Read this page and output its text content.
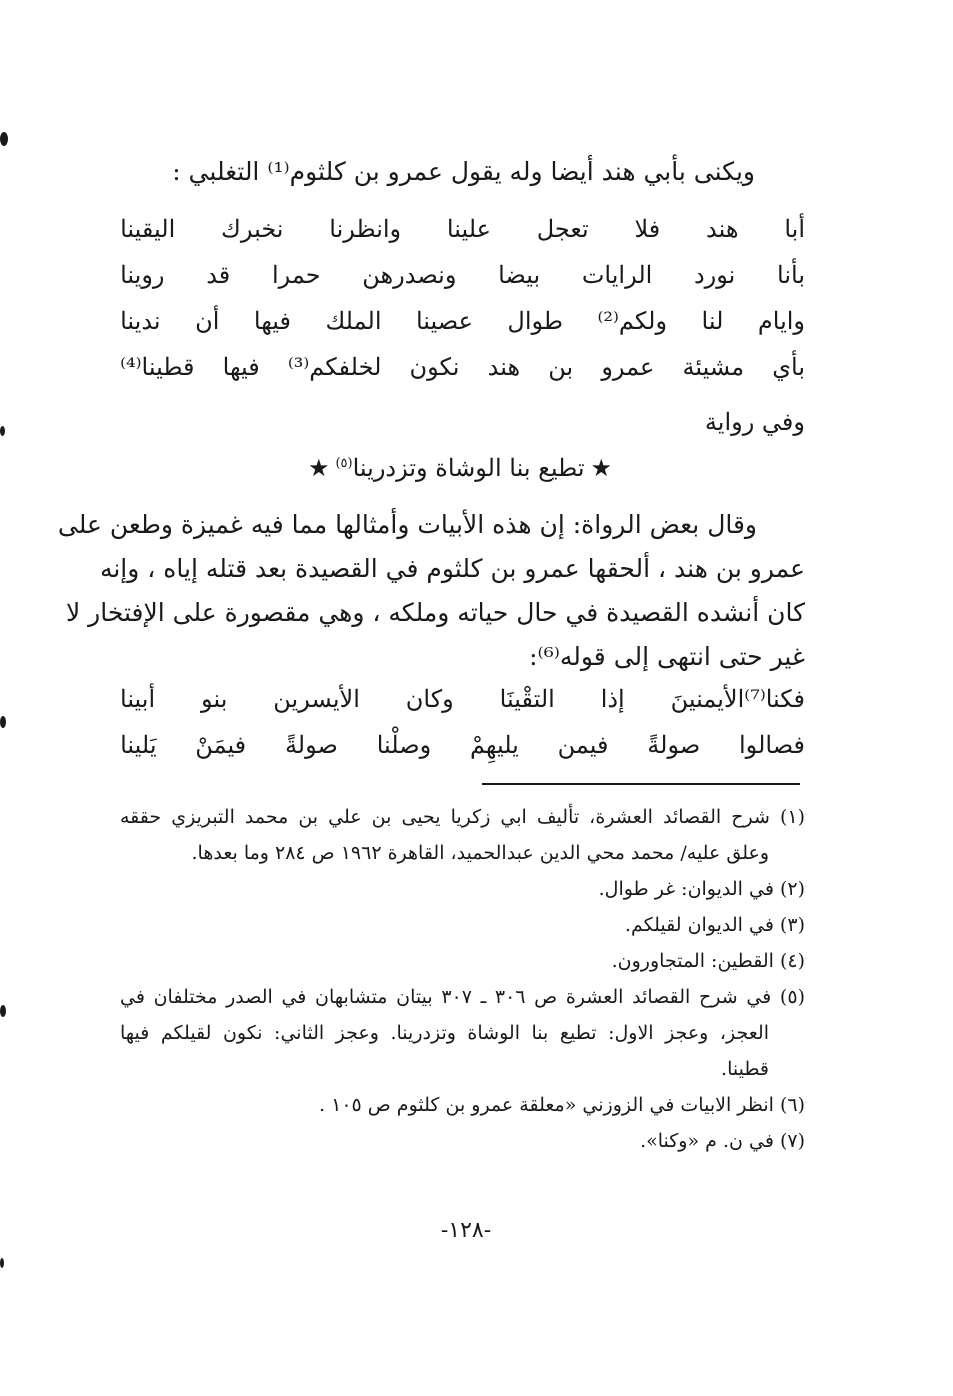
ويكنى بأبي هند أيضا وله يقول عمرو بن كلثوم⁽¹⁾ التغلبي :
أبا
هند
فلا
تعجل
علينا
وانظرنا
نخبرك
اليقينا
بأنا
نورد
الرايات
بيضا
ونصدرهن
حمرا
قد
روينا
وايام
لنا
ولكم⁽²⁾
طوال
عصينا
الملك
فيها
أن
ندينا
بأي
مشيئة
عمرو
بن
هند
نكون
لخلفكم⁽³⁾
فيها
قطينا⁽⁴⁾
وفي رواية
★تطيع بنا الوشاة وتزدرينا$^{(٥)}$★

وقال بعض الرواة: إن هذه الأبيات وأمثالها مما فيه غميزة وطعن على

عمرو بن هند ، ألحقها عمرو بن كلثوم في القصيدة بعد قتله إياه ، وإنه

كان أنشده القصيدة في حال حياته وملكه ، وهي مقصورة على الإفتخار لا

غير حتى انتهى إلى قوله⁽⁶⁾:

فكنا⁽⁷⁾الأيمنينَ
إذا
التقْينَا
وكان
الأيسرين
بنو
أبينا
فصالوا
صولةً
فيمن
يليهِمْ
وصلْنا
صولةً
فيمَنْ
يَلينا
(١) شرح القصائد العشرة، تأليف ابي زكريا يحيى بن علي بن محمد التبريزي حققه
وعلق عليه/ محمد محي الدين عبدالحميد، القاهرة ١٩٦٢ ص ٢٨٤ وما بعدها.
(٢) في الديوان: غر طوال.
(٣) في الديوان لقيلكم.
(٤) القطين: المتجاورون.
(٥) في شرح القصائد العشرة ص ٣٠٦ ـ ٣٠٧ بيتان متشابهان في الصدر مختلفان في
العجز، وعجز الاول: تطيع بنا الوشاة وتزدرينا. وعجز الثاني: نكون لقيلكم فيها
قطينا.
(٦) انظر الابيات في الزوزني «معلقة عمرو بن كلثوم ص ١٠٥ .
(٧) في ن. م «وكنا».
-١٢٨-
